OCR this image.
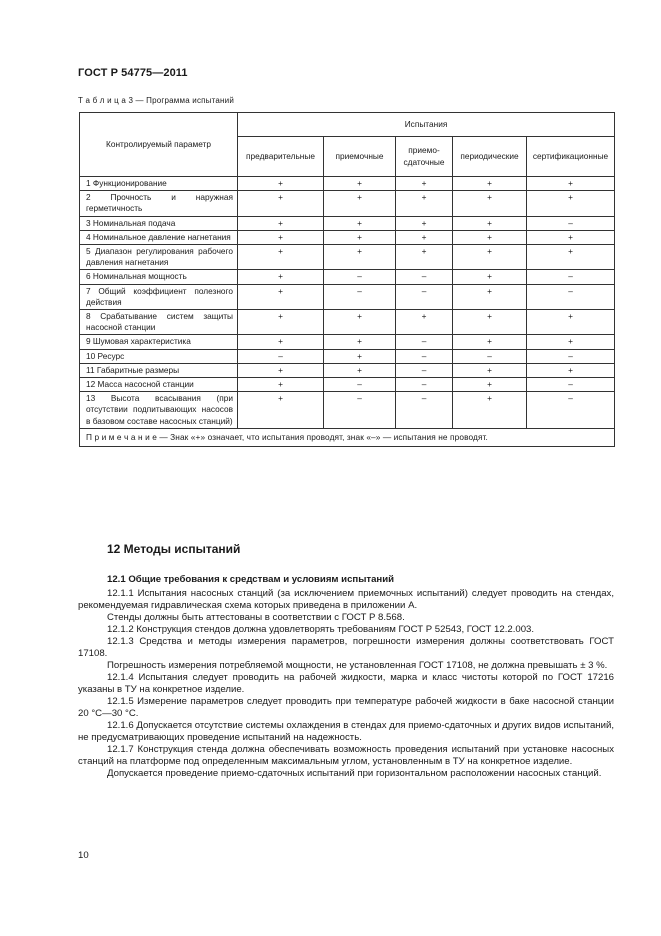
ГОСТ Р 54775—2011
Т а б л и ц а 3 — Программа испытаний
Контролируемый параметр	Испытания				
	предварительные	приемочные	приемо-сдаточные	периодические	сертификационные
1 Функционирование	+	+	+	+	+
2 Прочность и наружная герметичность	+	+	+	+	+
3 Номинальная подача	+	+	+	+	–
4 Номинальное давление нагнетания	+	+	+	+	+
5 Диапазон регулирования рабочего давления нагнетания	+	+	+	+	+
6 Номинальная мощность	+	–	–	+	–
7 Общий коэффициент полезного действия	+	–	–	+	–
8 Срабатывание систем защиты насосной станции	+	+	+	+	+
9 Шумовая характеристика	+	+	–	+	+
10 Ресурс	–	+	–	–	–
11 Габаритные размеры	+	+	–	+	+
12 Масса насосной станции	+	–	–	+	–
13 Высота всасывания (при отсутствии подпитывающих насосов в базовом составе насосных станций)	+	–	–	+	–
П р и м е ч а н и е — Знак «+» означает, что испытания проводят, знак «–» — испытания не проводят.					
12 Методы испытаний
12.1 Общие требования к средствам и условиям испытаний

12.1.1 Испытания насосных станций (за исключением приемочных испытаний) следует проводить на стендах, рекомендуемая гидравлическая схема которых приведена в приложении А.

Стенды должны быть аттестованы в соответствии с ГОСТ Р 8.568.

12.1.2 Конструкция стендов должна удовлетворять требованиям ГОСТ Р 52543, ГОСТ 12.2.003.

12.1.3 Средства и методы измерения параметров, погрешности измерения должны соответствовать ГОСТ 17108.

Погрешность измерения потребляемой мощности, не установленная ГОСТ 17108, не должна превышать ± 3 %.

12.1.4 Испытания следует проводить на рабочей жидкости, марка и класс чистоты которой по ГОСТ 17216 указаны в ТУ на конкретное изделие.

12.1.5 Измерение параметров следует проводить при температуре рабочей жидкости в баке насосной станции 20 °С—30 °С.

12.1.6 Допускается отсутствие системы охлаждения в стендах для приемо-сдаточных и других видов испытаний, не предусматривающих проведение испытаний на надежность.

12.1.7 Конструкция стенда должна обеспечивать возможность проведения испытаний при установке насосных станций на платформе под определенным максимальным углом, установленным в ТУ на конкретное изделие.

Допускается проведение приемо-сдаточных испытаний при горизонтальном расположении насосных станций.

10
